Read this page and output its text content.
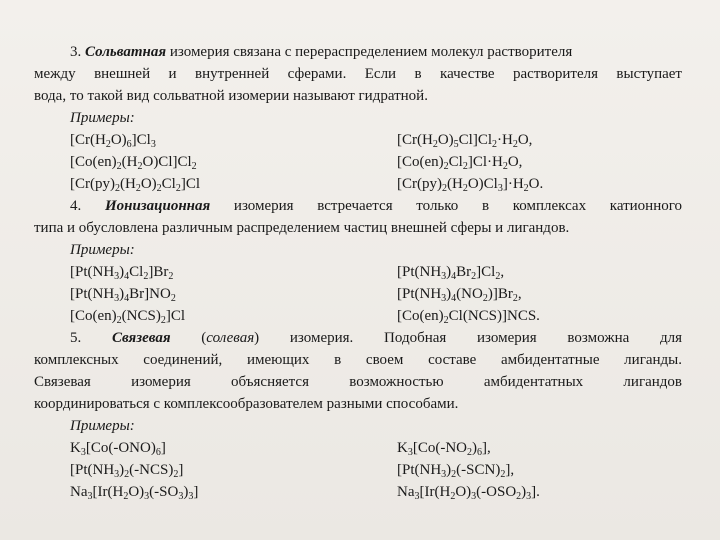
3. Сольватная изомерия связана с перераспределением молекул растворителя
между внешней и внутренней сферами. Если в качестве растворителя выступает
вода, то такой вид сольватной изомерии называют гидратной.
Примеры:
$[Cr(H_2O)_6]Cl_3$	$[Cr(H_2O)_5Cl]Cl_2\cdot H_2O$,
$[Co(en)_2(H_2O)Cl]Cl_2$	$[Co(en)_2Cl_2]Cl\cdot H_2O$,
$[Cr(py)_2(H_2O)_2Cl_2]Cl$	$[Cr(py)_2(H_2O)Cl_3]\cdot H_2O$.
4. Ионизационная изомерия встречается только в комплексах катионного
типа и обусловлена различным распределением частиц внешней сферы и лигандов.
Примеры:
$[Pt(NH_3)_4Cl_2]Br_2$	$[Pt(NH_3)_4Br_2]Cl_2$,
$[Pt(NH_3)_4Br]NO_2$	$[Pt(NH_3)_4(NO_2)]Br_2$,
$[Co(en)_2(NCS)_2]Cl$	$[Co(en)_2Cl(NCS)]NCS$.
5. Связевая (солевая) изомерия. Подобная изомерия возможна для
комплексных соединений, имеющих в своем составе амбидентатные лиганды.
Связевая изомерия объясняется возможностью амбидентатных лигандов
координироваться с комплексообразователем разными способами.
Примеры:
$K_3[Co(-ONO)_6]$	$K_3[Co(-NO_2)_6]$,
$[Pt(NH_3)_2(-NCS)_2]$	$[Pt(NH_3)_2(-SCN)_2]$,
$Na_3[Ir(H_2O)_3(-SO_3)_3]$	$Na_3[Ir(H_2O)_3(-OSO_2)_3]$.
